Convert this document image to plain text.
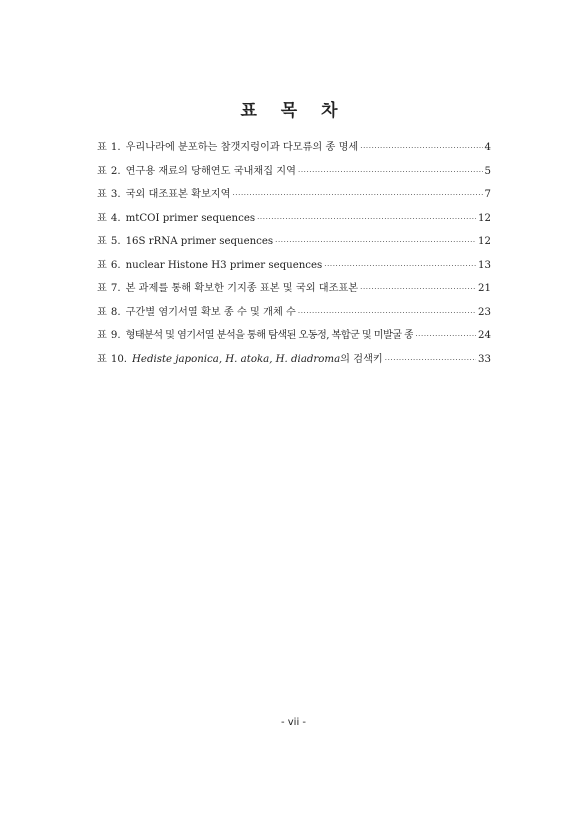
표 목 차
표 1. 우리나라에 분포하는 참갯지렁이과 다모류의 종 명세 ·····	4
표 2. 연구용 재료의 당해연도 국내채집 지역 ·····	5
표 3. 국외 대조표본 확보지역 ·····	7
표 4. mtCOI primer sequences ·····	12
표 5. 16S rRNA primer sequences ·····	12
표 6. nuclear Histone H3 primer sequences ·····	13
표 7. 본 과제를 통해 확보한 기지종 표본 및 국외 대조표본 ·····	21
표 8. 구간별 염기서열 확보 종 수 및 개체 수 ·····	23
표 9. 형태분석 및 염기서열 분석을 통해 탐색된 오동정, 복합군 및 미발굴 종 ·····	24
표 10. Hediste japonica, H. atoka, H. diadroma의 검색키 ·····	33
- vii -
